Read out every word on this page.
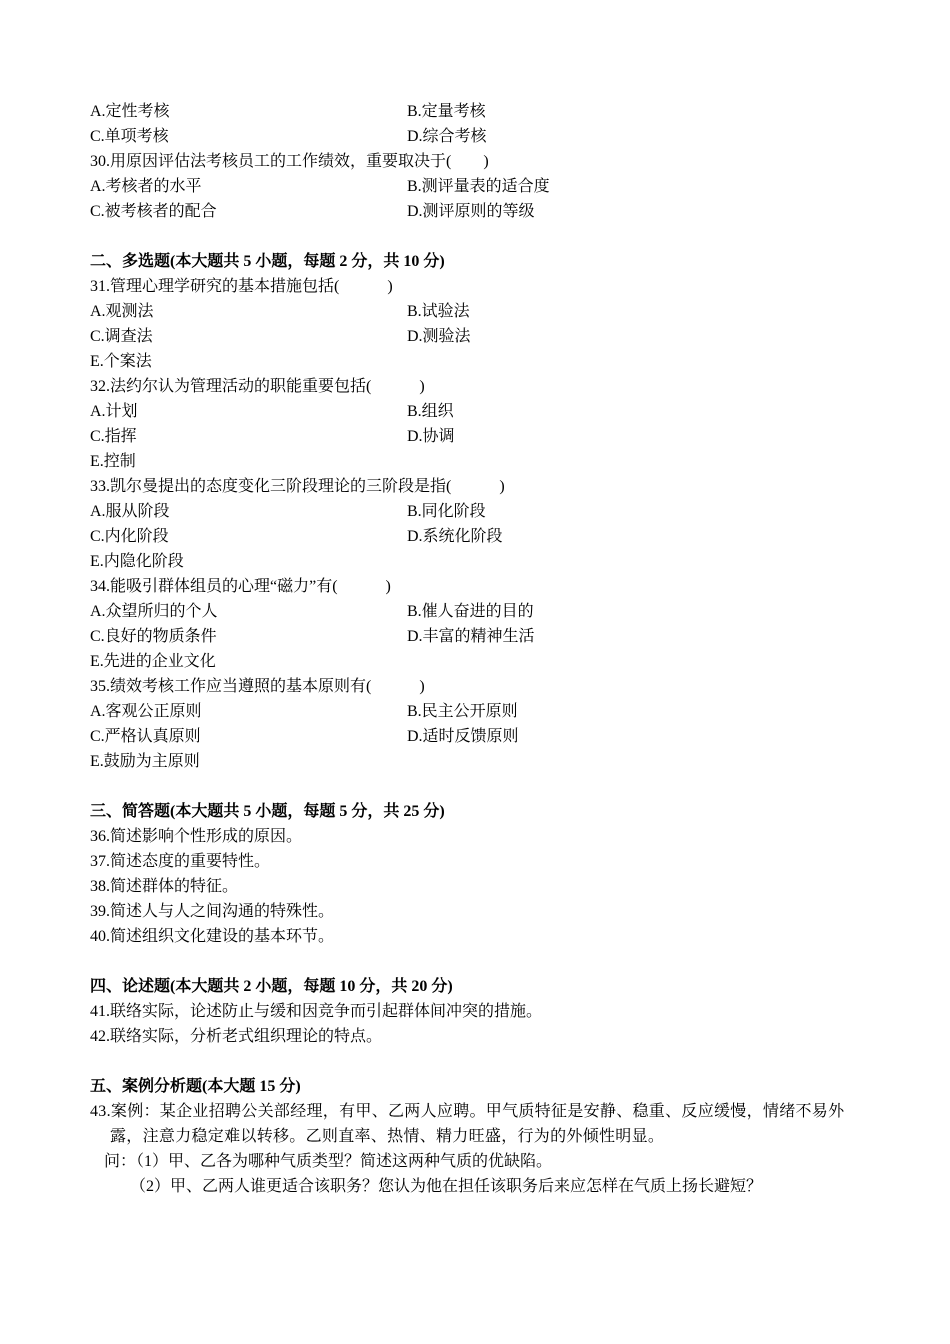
A.定性考核	B.定量考核
C.单项考核	D.综合考核
30.用原因评估法考核员工的工作绩效，重要取决于(　　)
A.考核者的水平	B.测评量表的适合度
C.被考核者的配合	D.测评原则的等级
二、多选题(本大题共 5 小题，每题 2 分，共 10 分)
31.管理心理学研究的基本措施包括(　　　)
A.观测法	B.试验法
C.调查法	D.测验法
E.个案法
32.法约尔认为管理活动的职能重要包括(　　　)
A.计划	B.组织
C.指挥	D.协调
E.控制
33.凯尔曼提出的态度变化三阶段理论的三阶段是指(　　　)
A.服从阶段	B.同化阶段
C.内化阶段	D.系统化阶段
E.内隐化阶段
34.能吸引群体组员的心理“磁力”有(　　　)
A.众望所归的个人	B.催人奋进的目的
C.良好的物质条件	D.丰富的精神生活
E.先进的企业文化
35.绩效考核工作应当遵照的基本原则有(　　　)
A.客观公正原则	B.民主公开原则
C.严格认真原则	D.适时反馈原则
E.鼓励为主原则
三、简答题(本大题共 5 小题，每题 5 分，共 25 分)
36.简述影响个性形成的原因。
37.简述态度的重要特性。
38.简述群体的特征。
39.简述人与人之间沟通的特殊性。
40.简述组织文化建设的基本环节。
四、论述题(本大题共 2 小题，每题 10 分，共 20 分)
41.联络实际，论述防止与缓和因竞争而引起群体间冲突的措施。
42.联络实际，分析老式组织理论的特点。
五、案例分析题(本大题 15 分)
43.案例：某企业招聘公关部经理，有甲、乙两人应聘。甲气质特征是安静、稳重、反应缓慢，情绪不易外露，注意力稳定难以转移。乙则直率、热情、精力旺盛，行为的外倾性明显。
问：（1）甲、乙各为哪种气质类型？简述这两种气质的优缺陷。
（2）甲、乙两人谁更适合该职务？您认为他在担任该职务后来应怎样在气质上扬长避短？
